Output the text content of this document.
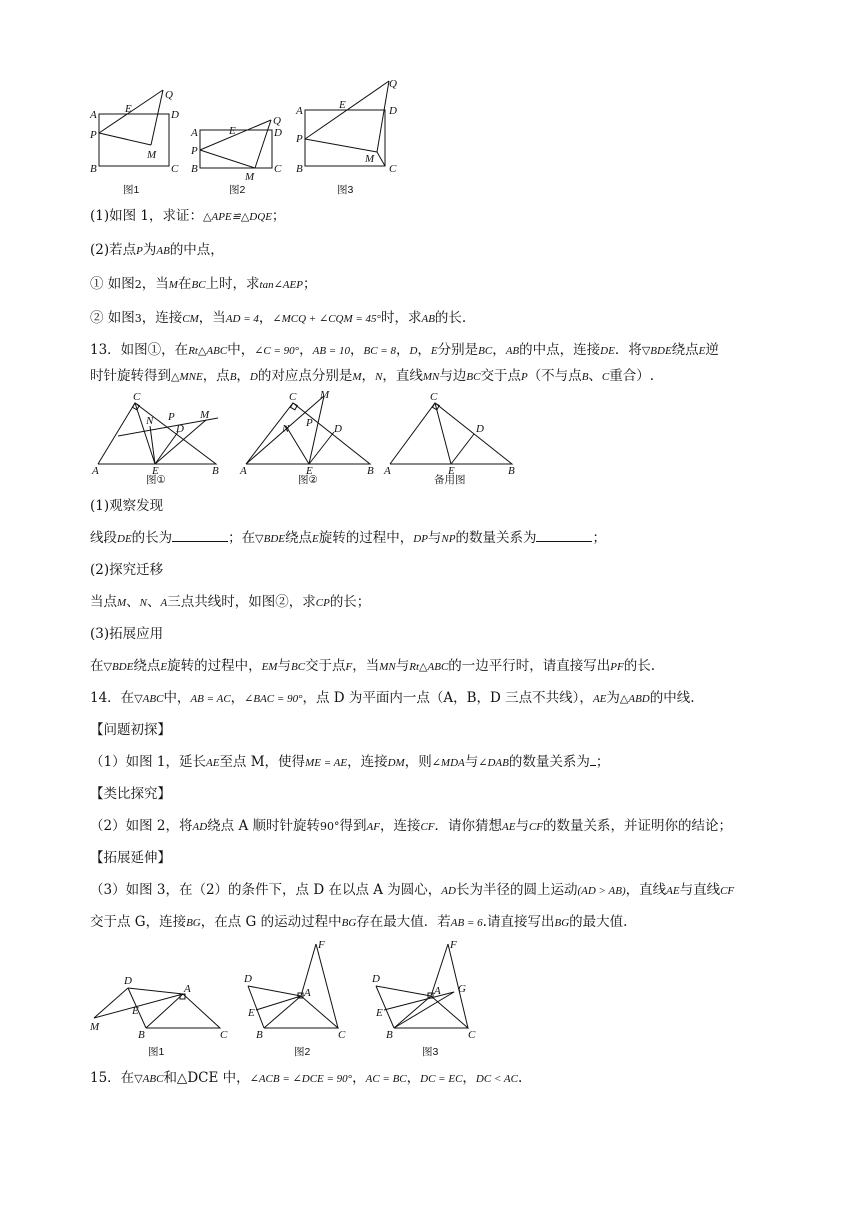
A
P
B
E	D
C
Q
M
A
P
B
E	D
C
Q
M
A
P
B
E	D
C
Q
M
图1	图2	图3
(1)如图 1，求证：△APE≌△DQE；
(2)若点P为AB的中点，
① 如图2，当M在BC上时，求tan∠AEP；
② 如图3，连接CM，当AD = 4，∠MCQ + ∠CQM = 45°时，求AB的长.
13．如图①，在Rt△ABC中，∠C = 90°，AB = 10，BC = 8，D，E分别是BC，AB的中点，连接DE．将▽BDE绕点E逆
时针旋转得到△MNE，点B，D的对应点分别是M，N，直线MN与边BC交于点P（不与点B、C重合）.
A
C
B
E
D
N P M
A
C
B
E
D
N P
M
A
C
B
E
D
图①	图②	备用图
(1)观察发现
线段DE的长为	；在▽BDE绕点E旋转的过程中，DP与NP的数量关系为	；
(2)探究迁移
当点M、N、A三点共线时，如图②，求CP的长；
(3)拓展应用
在▽BDE绕点E旋转的过程中，EM与BC交于点F，当MN与Rt△ABC的一边平行时，请直接写出PF的长.
14．在▽ABC中，AB = AC，∠BAC = 90°，点 D 为平面内一点（A，B，D 三点不共线），AE为△ABD的中线.
【问题初探】
（1）如图 1，延长AE至点 M，使得ME = AE，连接DM，则∠MDA与∠DAB的数量关系为 ；
【类比探究】
（2）如图 2，将AD绕点 A 顺时针旋转90°得到AF，连接CF．请你猜想AE与CF的数量关系，并证明你的结论；
【拓展延伸】
（3）如图 3，在（2）的条件下，点 D 在以点 A 为圆心，AD长为半径的圆上运动(AD > AB)，直线AE与直线CF
交于点 G，连接BG，在点 G 的运动过程中BG存在最大值．若AB = 6.请直接写出BG的最大值.
D
A
B	C
E
M
D
A
B	C
E
F
D
A
B	C
E
F
G
图1	图2	图3
15．在▽ABC和△DCE 中，∠ACB = ∠DCE = 90°，AC = BC，DC = EC，DC < AC.
